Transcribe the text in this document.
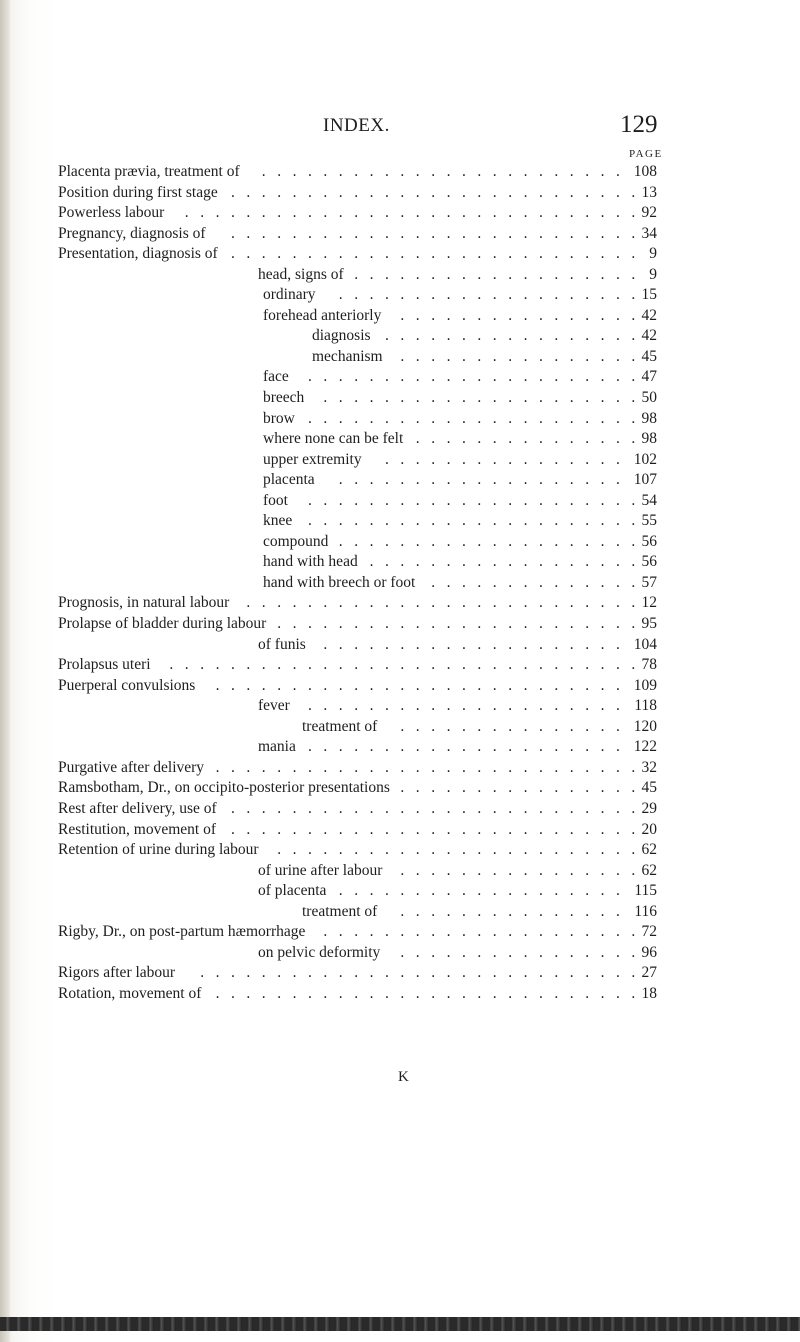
INDEX.	129
PAGE
Placenta prævia, treatment of . . . . . . . . . . . . . . . . . . . . . . . . 108
Position during first stage . . . . . . . . . . . . . . . . . . . . . . . . . . . 13
Powerless labour . . . . . . . . . . . . . . . . . . . . . . . . . . . . . . 92
Pregnancy, diagnosis of . . . . . . . . . . . . . . . . . . . . . . . . . . . 34
Presentation, diagnosis of . . . . . . . . . . . . . . . . . . . . . . . . . . . 9
head, signs of . . . . . . . . . . . . . . . . . . . 9
ordinary . . . . . . . . . . . . . . . . . . . . 15
forehead anteriorly . . . . . . . . . . . . . . . . 42
diagnosis . . . . . . . . . . . . . . . . . 42
mechanism . . . . . . . . . . . . . . . . 45
face . . . . . . . . . . . . . . . . . . . . . . 47
breech . . . . . . . . . . . . . . . . . . . . . 50
brow . . . . . . . . . . . . . . . . . . . . . . 98
where none can be felt . . . . . . . . . . . . . . . 98
upper extremity . . . . . . . . . . . . . . . . 102
placenta . . . . . . . . . . . . . . . . . . . 107
foot . . . . . . . . . . . . . . . . . . . . . . 54
knee . . . . . . . . . . . . . . . . . . . . . . 55
compound . . . . . . . . . . . . . . . . . . . . 56
hand with head . . . . . . . . . . . . . . . . . . 56
hand with breech or foot . . . . . . . . . . . . . . 57
Prognosis, in natural labour . . . . . . . . . . . . . . . . . . . . . . . . . . 12
Prolapse of bladder during labour . . . . . . . . . . . . . . . . . . . . . . . . 95
of funis . . . . . . . . . . . . . . . . . . . . 104
Prolapsus uteri . . . . . . . . . . . . . . . . . . . . . . . . . . . . . . . 78
Puerperal convulsions . . . . . . . . . . . . . . . . . . . . . . . . . . . 109
fever . . . . . . . . . . . . . . . . . . . . . 118
treatment of . . . . . . . . . . . . . . . 120
mania . . . . . . . . . . . . . . . . . . . . . 122
Purgative after delivery . . . . . . . . . . . . . . . . . . . . . . . . . . . . 32
Ramsbotham, Dr., on occipito-posterior presentations . . . . . . . . . . . . . . . . 45
Rest after delivery, use of . . . . . . . . . . . . . . . . . . . . . . . . . . . 29
Restitution, movement of . . . . . . . . . . . . . . . . . . . . . . . . . . . 20
Retention of urine during labour . . . . . . . . . . . . . . . . . . . . . . . . 62
of urine after labour . . . . . . . . . . . . . . . . 62
of placenta . . . . . . . . . . . . . . . . . . . 115
treatment of . . . . . . . . . . . . . . . 116
Rigby, Dr., on post-partum hæmorrhage . . . . . . . . . . . . . . . . . . . . . 72
on pelvic deformity . . . . . . . . . . . . . . . . 96
Rigors after labour . . . . . . . . . . . . . . . . . . . . . . . . . . . . . 27
Rotation, movement of . . . . . . . . . . . . . . . . . . . . . . . . . . . . 18
K
